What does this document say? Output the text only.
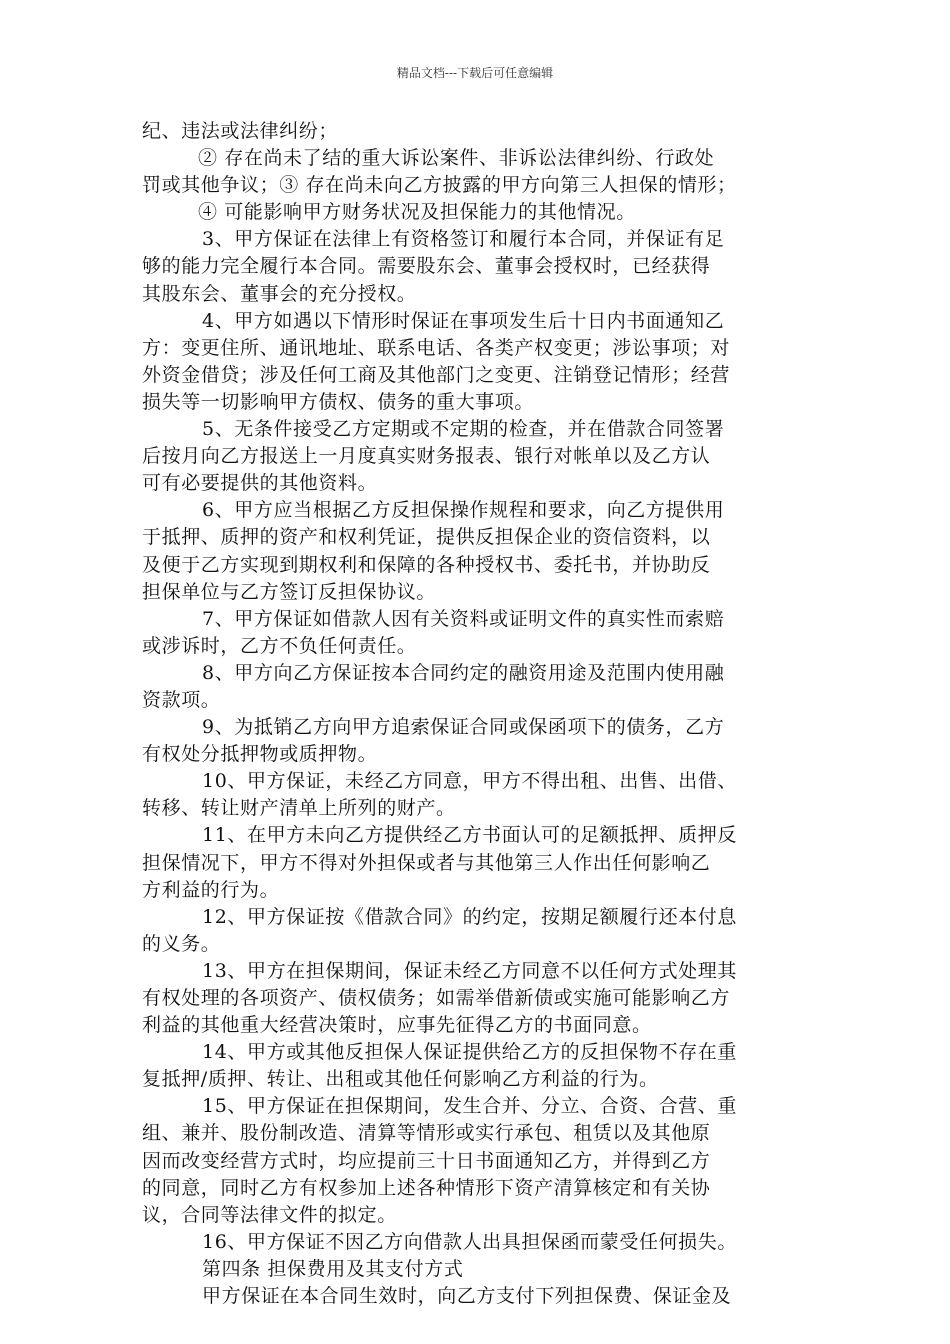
精品文档---下载后可任意编辑
纪、违法或法律纠纷；
② 存在尚未了结的重大诉讼案件、非诉讼法律纠纷、行政处
罚或其他争议；③ 存在尚未向乙方披露的甲方向第三人担保的情形；
④ 可能影响甲方财务状况及担保能力的其他情况。
3、甲方保证在法律上有资格签订和履行本合同，并保证有足
够的能力完全履行本合同。需要股东会、董事会授权时，已经获得
其股东会、董事会的充分授权。
4、甲方如遇以下情形时保证在事项发生后十日内书面通知乙
方：变更住所、通讯地址、联系电话、各类产权变更；涉讼事项；对
外资金借贷；涉及任何工商及其他部门之变更、注销登记情形；经营
损失等一切影响甲方债权、债务的重大事项。
5、无条件接受乙方定期或不定期的检查，并在借款合同签署
后按月向乙方报送上一月度真实财务报表、银行对帐单以及乙方认
可有必要提供的其他资料。
6、甲方应当根据乙方反担保操作规程和要求，向乙方提供用
于抵押、质押的资产和权利凭证，提供反担保企业的资信资料，以
及便于乙方实现到期权利和保障的各种授权书、委托书，并协助反
担保单位与乙方签订反担保协议。
7、甲方保证如借款人因有关资料或证明文件的真实性而索赔
或涉诉时，乙方不负任何责任。
8、甲方向乙方保证按本合同约定的融资用途及范围内使用融
资款项。
9、为抵销乙方向甲方追索保证合同或保函项下的债务，乙方
有权处分抵押物或质押物。
10、甲方保证，未经乙方同意，甲方不得出租、出售、出借、
转移、转让财产清单上所列的财产。
11、在甲方未向乙方提供经乙方书面认可的足额抵押、质押反
担保情况下，甲方不得对外担保或者与其他第三人作出任何影响乙
方利益的行为。
12、甲方保证按《借款合同》的约定，按期足额履行还本付息
的义务。
13、甲方在担保期间，保证未经乙方同意不以任何方式处理其
有权处理的各项资产、债权债务；如需举借新债或实施可能影响乙方
利益的其他重大经营决策时，应事先征得乙方的书面同意。
14、甲方或其他反担保人保证提供给乙方的反担保物不存在重
复抵押/质押、转让、出租或其他任何影响乙方利益的行为。
15、甲方保证在担保期间，发生合并、分立、合资、合营、重
组、兼并、股份制改造、清算等情形或实行承包、租赁以及其他原
因而改变经营方式时，均应提前三十日书面通知乙方，并得到乙方
的同意，同时乙方有权参加上述各种情形下资产清算核定和有关协
议，合同等法律文件的拟定。
16、甲方保证不因乙方向借款人出具担保函而蒙受任何损失。
第四条 担保费用及其支付方式
甲方保证在本合同生效时，向乙方支付下列担保费、保证金及
